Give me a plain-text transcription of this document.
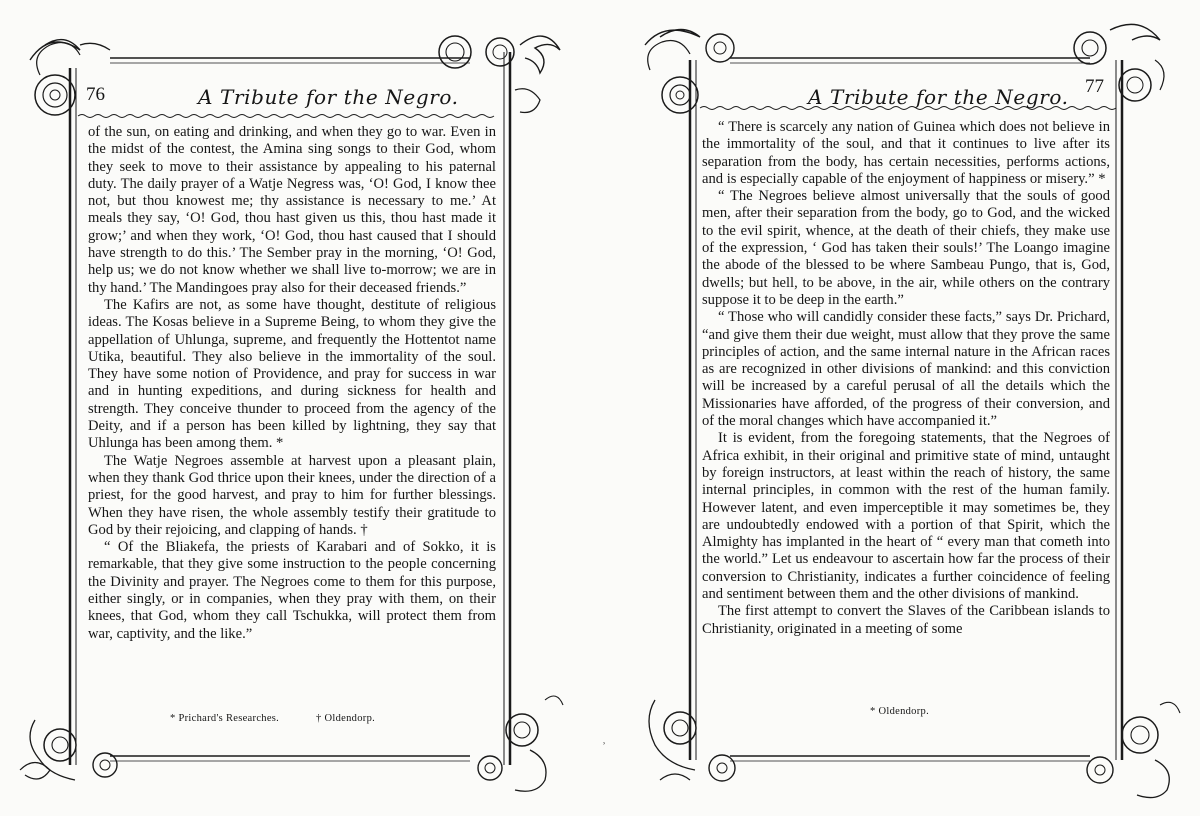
76	A Tribute for the Negro.

of the sun, on eating and drinking, and when they go to war. Even in the midst of the contest, the Amina sing songs to their God, whom they seek to move to their assistance by appealing to his paternal duty. The daily prayer of a Watje Negress was, ‘O! God, I know thee not, but thou knowest me; thy assistance is necessary to me.’ At meals they say, ‘O! God, thou hast given us this, thou hast made it grow;’ and when they work, ‘O! God, thou hast caused that I should have strength to do this.’ The Sember pray in the morning, ‘O! God, help us; we do not know whether we shall live to-morrow; we are in thy hand.’ The Mandingoes pray also for their deceased friends.”

The Kafirs are not, as some have thought, destitute of religious ideas. The Kosas believe in a Supreme Being, to whom they give the appellation of Uhlunga, supreme, and frequently the Hottentot name Utika, beautiful. They also believe in the immortality of the soul. They have some notion of Providence, and pray for success in war and in hunting expeditions, and during sickness for health and strength. They conceive thunder to proceed from the agency of the Deity, and if a person has been killed by lightning, they say that Uhlunga has been among them. *

The Watje Negroes assemble at harvest upon a pleasant plain, when they thank God thrice upon their knees, under the direction of a priest, for the good harvest, and pray to him for further blessings. When they have risen, the whole assembly testify their gratitude to God by their rejoicing, and clapping of hands. †

“ Of the Bliakefa, the priests of Karabari and of Sokko, it is remarkable, that they give some instruction to the people concerning the Divinity and prayer. The Negroes come to them for this purpose, either singly, or in companies, when they pray with them, on their knees, that God, whom they call Tschukka, will protect them from war, captivity, and the like.”

* Prichard's Researches.	† Oldendorp.
˒
A Tribute for the Negro. 77

“ There is scarcely any nation of Guinea which does not believe in the immortality of the soul, and that it continues to live after its separation from the body, has certain necessities, performs actions, and is especially capable of the enjoyment of happiness or misery.” *

“ The Negroes believe almost universally that the souls of good men, after their separation from the body, go to God, and the wicked to the evil spirit, whence, at the death of their chiefs, they make use of the expression, ‘ God has taken their souls!’ The Loango imagine the abode of the blessed to be where Sambeau Pungo, that is, God, dwells; but hell, to be above, in the air, while others on the contrary suppose it to be deep in the earth.”

“ Those who will candidly consider these facts,” says Dr. Prichard, “and give them their due weight, must allow that they prove the same principles of action, and the same internal nature in the African races as are recognized in other divisions of mankind: and this conviction will be increased by a careful perusal of all the details which the Missionaries have afforded, of the progress of their conversion, and of the moral changes which have accompanied it.”

It is evident, from the foregoing statements, that the Negroes of Africa exhibit, in their original and primitive state of mind, untaught by foreign instructors, at least within the reach of history, the same internal principles, in common with the rest of the human family. However latent, and even imperceptible it may sometimes be, they are undoubtedly endowed with a portion of that Spirit, which the Almighty has implanted in the heart of “ every man that cometh into the world.” Let us endeavour to ascertain how far the process of their conversion to Christianity, indicates a further coincidence of feeling and sentiment between them and the other divisions of mankind.

The first attempt to convert the Slaves of the Caribbean islands to Christianity, originated in a meeting of some

* Oldendorp.
